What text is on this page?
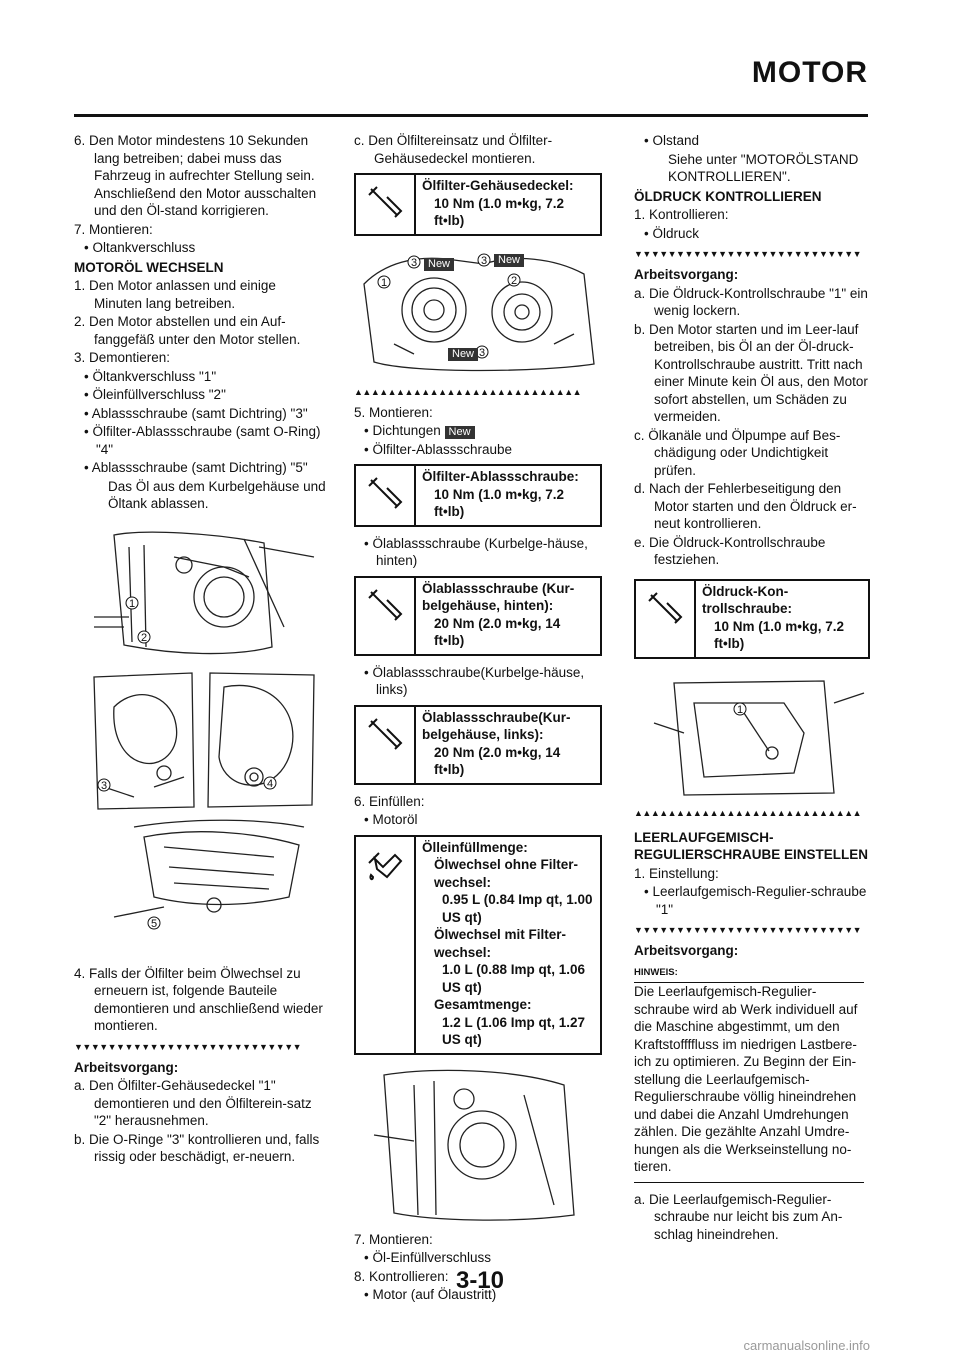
MOTOR

6. Den Motor mindestens 10 Sekunden lang betreiben; dabei muss das Fahrzeug in aufrechter Stellung sein. Anschließend den Motor ausschalten und den Öl-stand korrigieren.

7. Montieren:

• Oltankverschluss

MOTORÖL WECHSELN

1. Den Motor anlassen und einige Minuten lang betreiben.

2. Den Motor abstellen und ein Auf-fanggefäß unter den Motor stellen.

3. Demontieren:

• Öltankverschluss "1"

• Öleinfüllverschluss "2"

• Ablassschraube (samt Dichtring) "3"

• Ölfilter-Ablassschraube (samt O-Ring) "4"

• Ablassschraube (samt Dichtring) "5"

Das Öl aus dem Kurbelgehäuse und Öltank ablassen.

1
2
3	4
5

4. Falls der Ölfilter beim Ölwechsel zu erneuern ist, folgende Bauteile demontieren und anschließend wieder montieren.

▼▼▼▼▼▼▼▼▼▼▼▼▼▼▼▼▼▼▼▼▼▼▼▼▼▼▼

Arbeitsvorgang:

a. Den Ölfilter-Gehäusedeckel "1" demontieren und den Ölfilterein-satz "2" herausnehmen.

b. Die O-Ringe "3" kontrollieren und, falls rissig oder beschädigt, er-neuern.

c. Den Ölfiltereinsatz und Ölfilter-Gehäusedeckel montieren.

Ölfilter-Gehäusedeckel:
10 Nm (1.0 m•kg, 7.2 ft•lb)
1	2
3	3
3
New	New
New
▲▲▲▲▲▲▲▲▲▲▲▲▲▲▲▲▲▲▲▲▲▲▲▲▲▲▲

5. Montieren:

• Dichtungen New

• Ölfilter-Ablassschraube

Ölfilter-Ablassschraube:
10 Nm (1.0 m•kg, 7.2 ft•lb)

• Ölablassschraube (Kurbelge-häuse, hinten)

Ölablassschraube (Kur-belgehäuse, hinten):
20 Nm (2.0 m•kg, 14 ft•lb)

• Ölablassschraube(Kurbelge-häuse, links)

Ölablassschraube(Kur-belgehäuse, links):
20 Nm (2.0 m•kg, 14 ft•lb)

6. Einfüllen:

• Motoröl

Ölleinfüllmenge:
Ölwechsel ohne Filter-wechsel:
0.95 L (0.84 Imp qt, 1.00 US qt)
Ölwechsel mit Filter-wechsel:
1.0 L (0.88 Imp qt, 1.06 US qt)
Gesamtmenge:
1.2 L (1.06 Imp qt, 1.27 US qt)

7. Montieren:

• Öl-Einfüllverschluss

8. Kontrollieren:

• Motor (auf Ölaustritt)

• Olstand

Siehe unter "MOTORÖLSTAND KONTROLLIEREN".

ÖLDRUCK KONTROLLIEREN

1. Kontrollieren:

• Öldruck

▼▼▼▼▼▼▼▼▼▼▼▼▼▼▼▼▼▼▼▼▼▼▼▼▼▼▼

Arbeitsvorgang:

a. Die Öldruck-Kontrollschraube "1" ein wenig lockern.

b. Den Motor starten und im Leer-lauf betreiben, bis Öl an der Öl-druck-Kontrollschraube austritt. Tritt nach einer Minute kein Öl aus, den Motor sofort abstellen, um Schäden zu vermeiden.

c. Ölkanäle und Ölpumpe auf Bes-chädigung oder Undichtigkeit prüfen.

d. Nach der Fehlerbeseitigung den Motor starten und den Öldruck er-neut kontrollieren.

e. Die Öldruck-Kontrollschraube festziehen.

Öldruck-Kon-trollschraube:
10 Nm (1.0 m•kg, 7.2 ft•lb)
1
▲▲▲▲▲▲▲▲▲▲▲▲▲▲▲▲▲▲▲▲▲▲▲▲▲▲▲

LEERLAUFGEMISCH-REGULIERSCHRAUBE EINSTELLEN

1. Einstellung:

• Leerlaufgemisch-Regulier-schraube "1"

▼▼▼▼▼▼▼▼▼▼▼▼▼▼▼▼▼▼▼▼▼▼▼▼▼▼▼

Arbeitsvorgang:

HINWEIS:

Die Leerlaufgemisch-Regulier-schraube wird ab Werk individuell auf die Maschine abgestimmt, um den Kraftstoffffluss im niedrigen Lastbere-ich zu optimieren. Zu Beginn der Ein-stellung die Leerlaufgemisch-Regulierschraube völlig hineindrehen und dabei die Anzahl Umdrehungen zählen. Die gezählte Anzahl Umdre-hungen als die Werkseinstellung no-tieren.

a. Die Leerlaufgemisch-Regulier-schraube nur leicht bis zum An-schlag hineindrehen.

3-10
carmanualsonline.info
